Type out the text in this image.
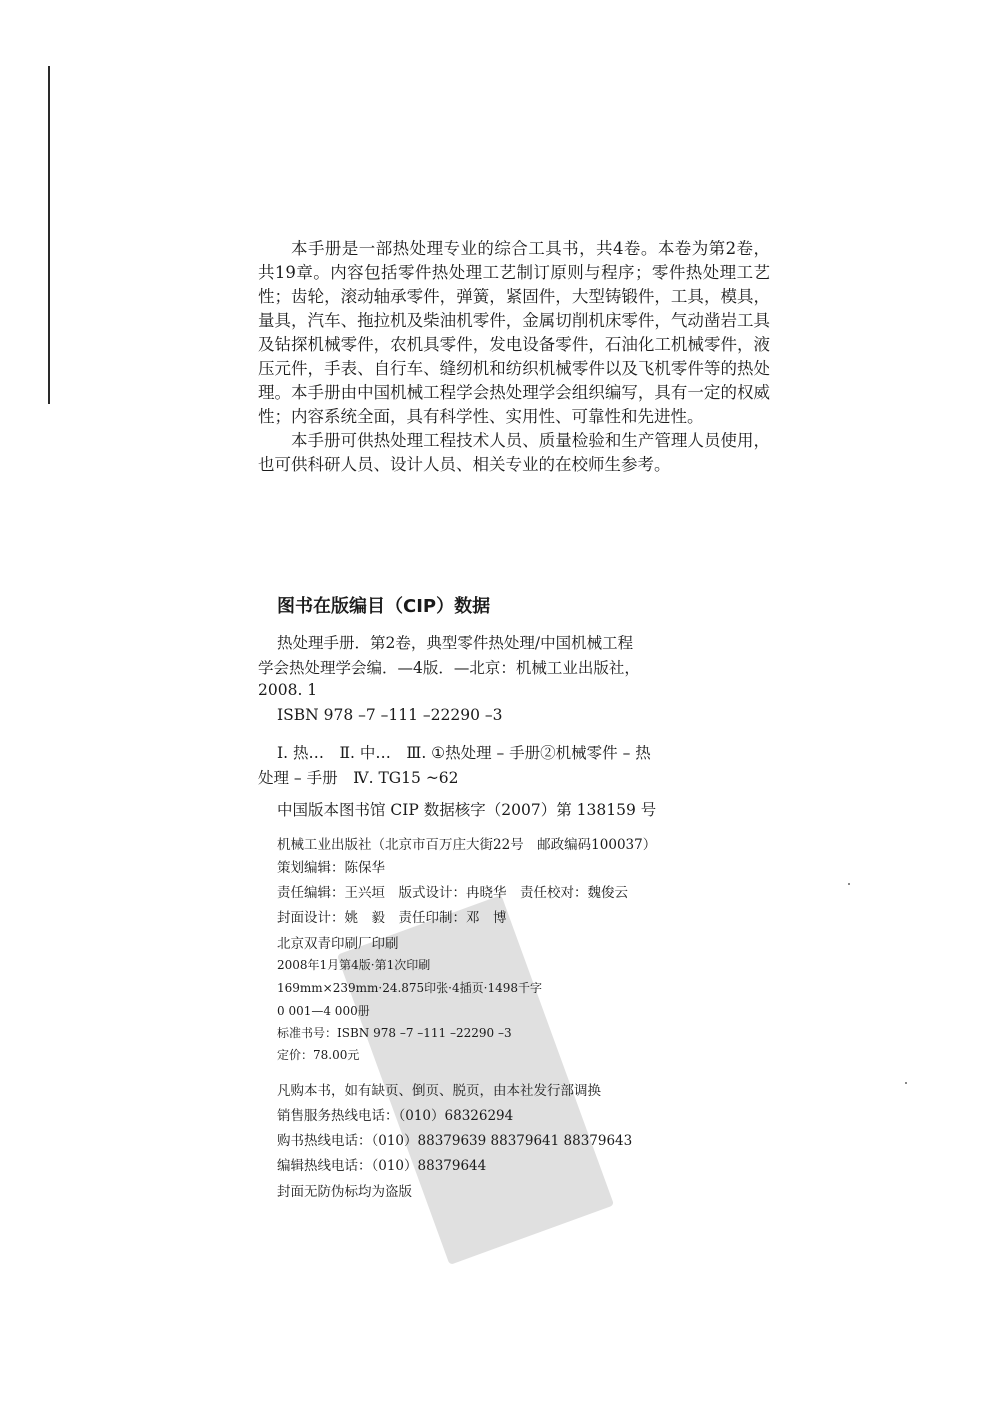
本手册是一部热处理专业的综合工具书，共4卷。本卷为第2卷，共19章。内容包括零件热处理工艺制订原则与程序；零件热处理工艺性；齿轮，滚动轴承零件，弹簧，紧固件，大型铸锻件，工具，模具，量具，汽车、拖拉机及柴油机零件，金属切削机床零件，气动凿岩工具及钻探机械零件，农机具零件，发电设备零件，石油化工机械零件，液压元件，手表、自行车、缝纫机和纺织机械零件以及飞机零件等的热处理。本手册由中国机械工程学会热处理学会组织编写，具有一定的权威性；内容系统全面，具有科学性、实用性、可靠性和先进性。

本手册可供热处理工程技术人员、质量检验和生产管理人员使用，也可供科研人员、设计人员、相关专业的在校师生参考。

图书在版编目（CIP）数据
热处理手册．第2卷，典型零件热处理/中国机械工程
学会热处理学会编．—4版．—北京：机械工业出版社，
2008. 1
ISBN 978 –7 –111 –22290 –3
Ⅰ. 热…　Ⅱ. 中…　Ⅲ. ①热处理 – 手册②机械零件 – 热
处理 – 手册　Ⅳ. TG15 ~62
中国版本图书馆 CIP 数据核字（2007）第 138159 号
机械工业出版社（北京市百万庄大街22号　邮政编码100037）
策划编辑：陈保华
责任编辑：王兴垣　版式设计：冉晓华　责任校对：魏俊云
封面设计：姚　毅　责任印制：邓　博
北京双青印刷厂印刷
2008年1月第4版·第1次印刷
169mm×239mm·24.875印张·4插页·1498千字
0 001—4 000册
标准书号：ISBN 978 –7 –111 –22290 –3
定价：78.00元
凡购本书，如有缺页、倒页、脱页，由本社发行部调换
销售服务热线电话：（010）68326294
购书热线电话：（010）88379639 88379641 88379643
编辑热线电话：（010）88379644
封面无防伪标均为盗版
